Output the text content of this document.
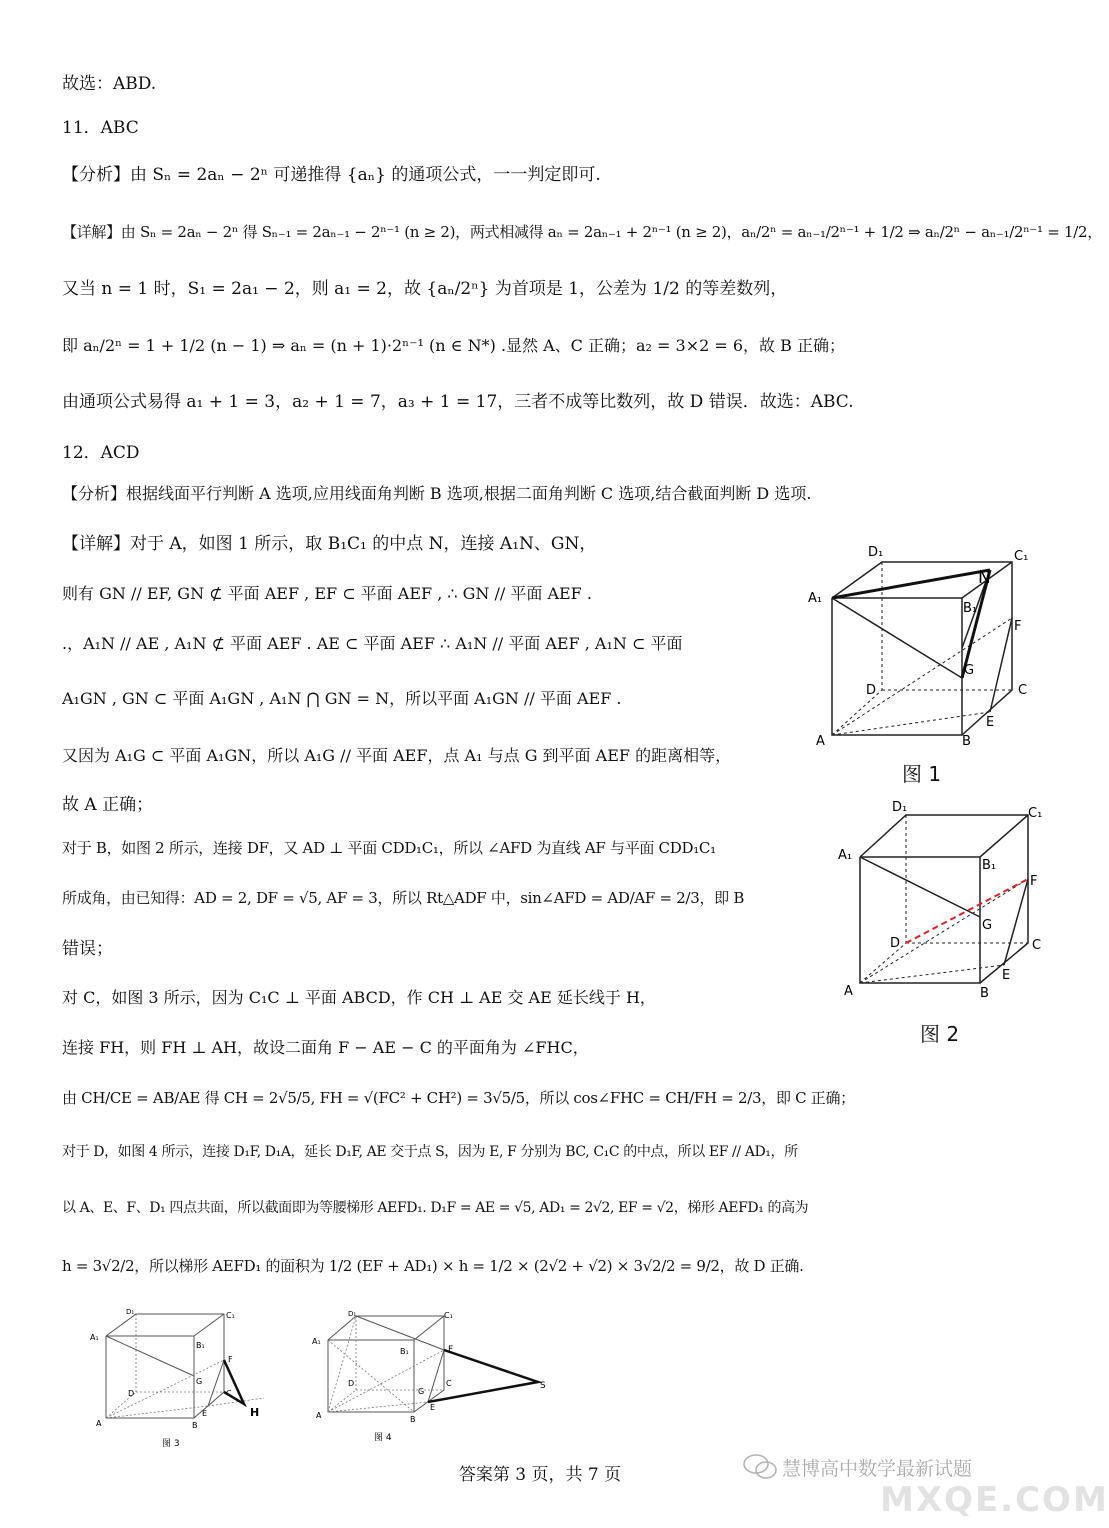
故选：ABD.
11．ABC
【分析】由 Sₙ = 2aₙ − 2ⁿ 可递推得 {aₙ} 的通项公式，一一判定即可.
【详解】由 Sₙ = 2aₙ − 2ⁿ 得 Sₙ₋₁ = 2aₙ₋₁ − 2ⁿ⁻¹ (n ≥ 2)，两式相减得 aₙ = 2aₙ₋₁ + 2ⁿ⁻¹ (n ≥ 2)，aₙ/2ⁿ = aₙ₋₁/2ⁿ⁻¹ + 1/2 ⇒ aₙ/2ⁿ − aₙ₋₁/2ⁿ⁻¹ = 1/2，
又当 n = 1 时，S₁ = 2a₁ − 2，则 a₁ = 2，故 {aₙ/2ⁿ} 为首项是 1，公差为 1/2 的等差数列，
即 aₙ/2ⁿ = 1 + 1/2 (n − 1) ⇒ aₙ = (n + 1)·2ⁿ⁻¹ (n ∈ N*) .显然 A、C 正确；a₂ = 3×2 = 6，故 B 正确；
由通项公式易得 a₁ + 1 = 3，a₂ + 1 = 7，a₃ + 1 = 17，三者不成等比数列，故 D 错误．故选：ABC.
12．ACD
【分析】根据线面平行判断 A 选项,应用线面角判断 B 选项,根据二面角判断 C 选项,结合截面判断 D 选项.
【详解】对于 A，如图 1 所示，取 B₁C₁ 的中点 N，连接 A₁N、GN，
则有 GN // EF, GN ⊄ 平面 AEF , EF ⊂ 平面 AEF , ∴ GN // 平面 AEF .
.，A₁N // AE , A₁N ⊄ 平面 AEF . AE ⊂ 平面 AEF ∴ A₁N // 平面 AEF , A₁N ⊂ 平面
A₁GN , GN ⊂ 平面 A₁GN , A₁N ⋂ GN = N，所以平面 A₁GN // 平面 AEF .
又因为 A₁G ⊂ 平面 A₁GN，所以 A₁G // 平面 AEF，点 A₁ 与点 G 到平面 AEF 的距离相等，
故 A 正确；
对于 B，如图 2 所示，连接 DF，又 AD ⊥ 平面 CDD₁C₁，所以 ∠AFD 为直线 AF 与平面 CDD₁C₁
所成角，由已知得：AD = 2, DF = √5, AF = 3，所以 Rt△ADF 中，sin∠AFD = AD/AF = 2/3，即 B
错误；
对 C，如图 3 所示，因为 C₁C ⊥ 平面 ABCD，作 CH ⊥ AE 交 AE 延长线于 H，
连接 FH，则 FH ⊥ AH，故设二面角 F − AE − C 的平面角为 ∠FHC，
由 CH/CE = AB/AE 得 CH = 2√5/5, FH = √(FC² + CH²) = 3√5/5，所以 cos∠FHC = CH/FH = 2/3，即 C 正确；
对于 D，如图 4 所示，连接 D₁F, D₁A，延长 D₁F, AE 交于点 S，因为 E, F 分别为 BC, C₁C 的中点，所以 EF // AD₁，所
以 A、E、F、D₁ 四点共面，所以截面即为等腰梯形 AEFD₁. D₁F = AE = √5, AD₁ = 2√2, EF = √2，梯形 AEFD₁ 的高为
h = 3√2/2，所以梯形 AEFD₁ 的面积为 1/2 (EF + AD₁) × h = 1/2 × (2√2 + √2) × 3√2/2 = 9/2，故 D 正确.
D₁	C₁
N
A₁
B₁
F
G
D	C
E
A	B
图 1
D₁	C₁
A₁
B₁
F
G
D	C
E
A	B
图 2
D₁	C₁
A₁
B₁
F
G
C
D
E
A	B
H
图 3
D₁	C₁
A₁
B₁	F
D	C
G
E
A	B
S
图 4
答案第 3 页，共 7 页	慧博高中数学最新试题
MXQE.COM
